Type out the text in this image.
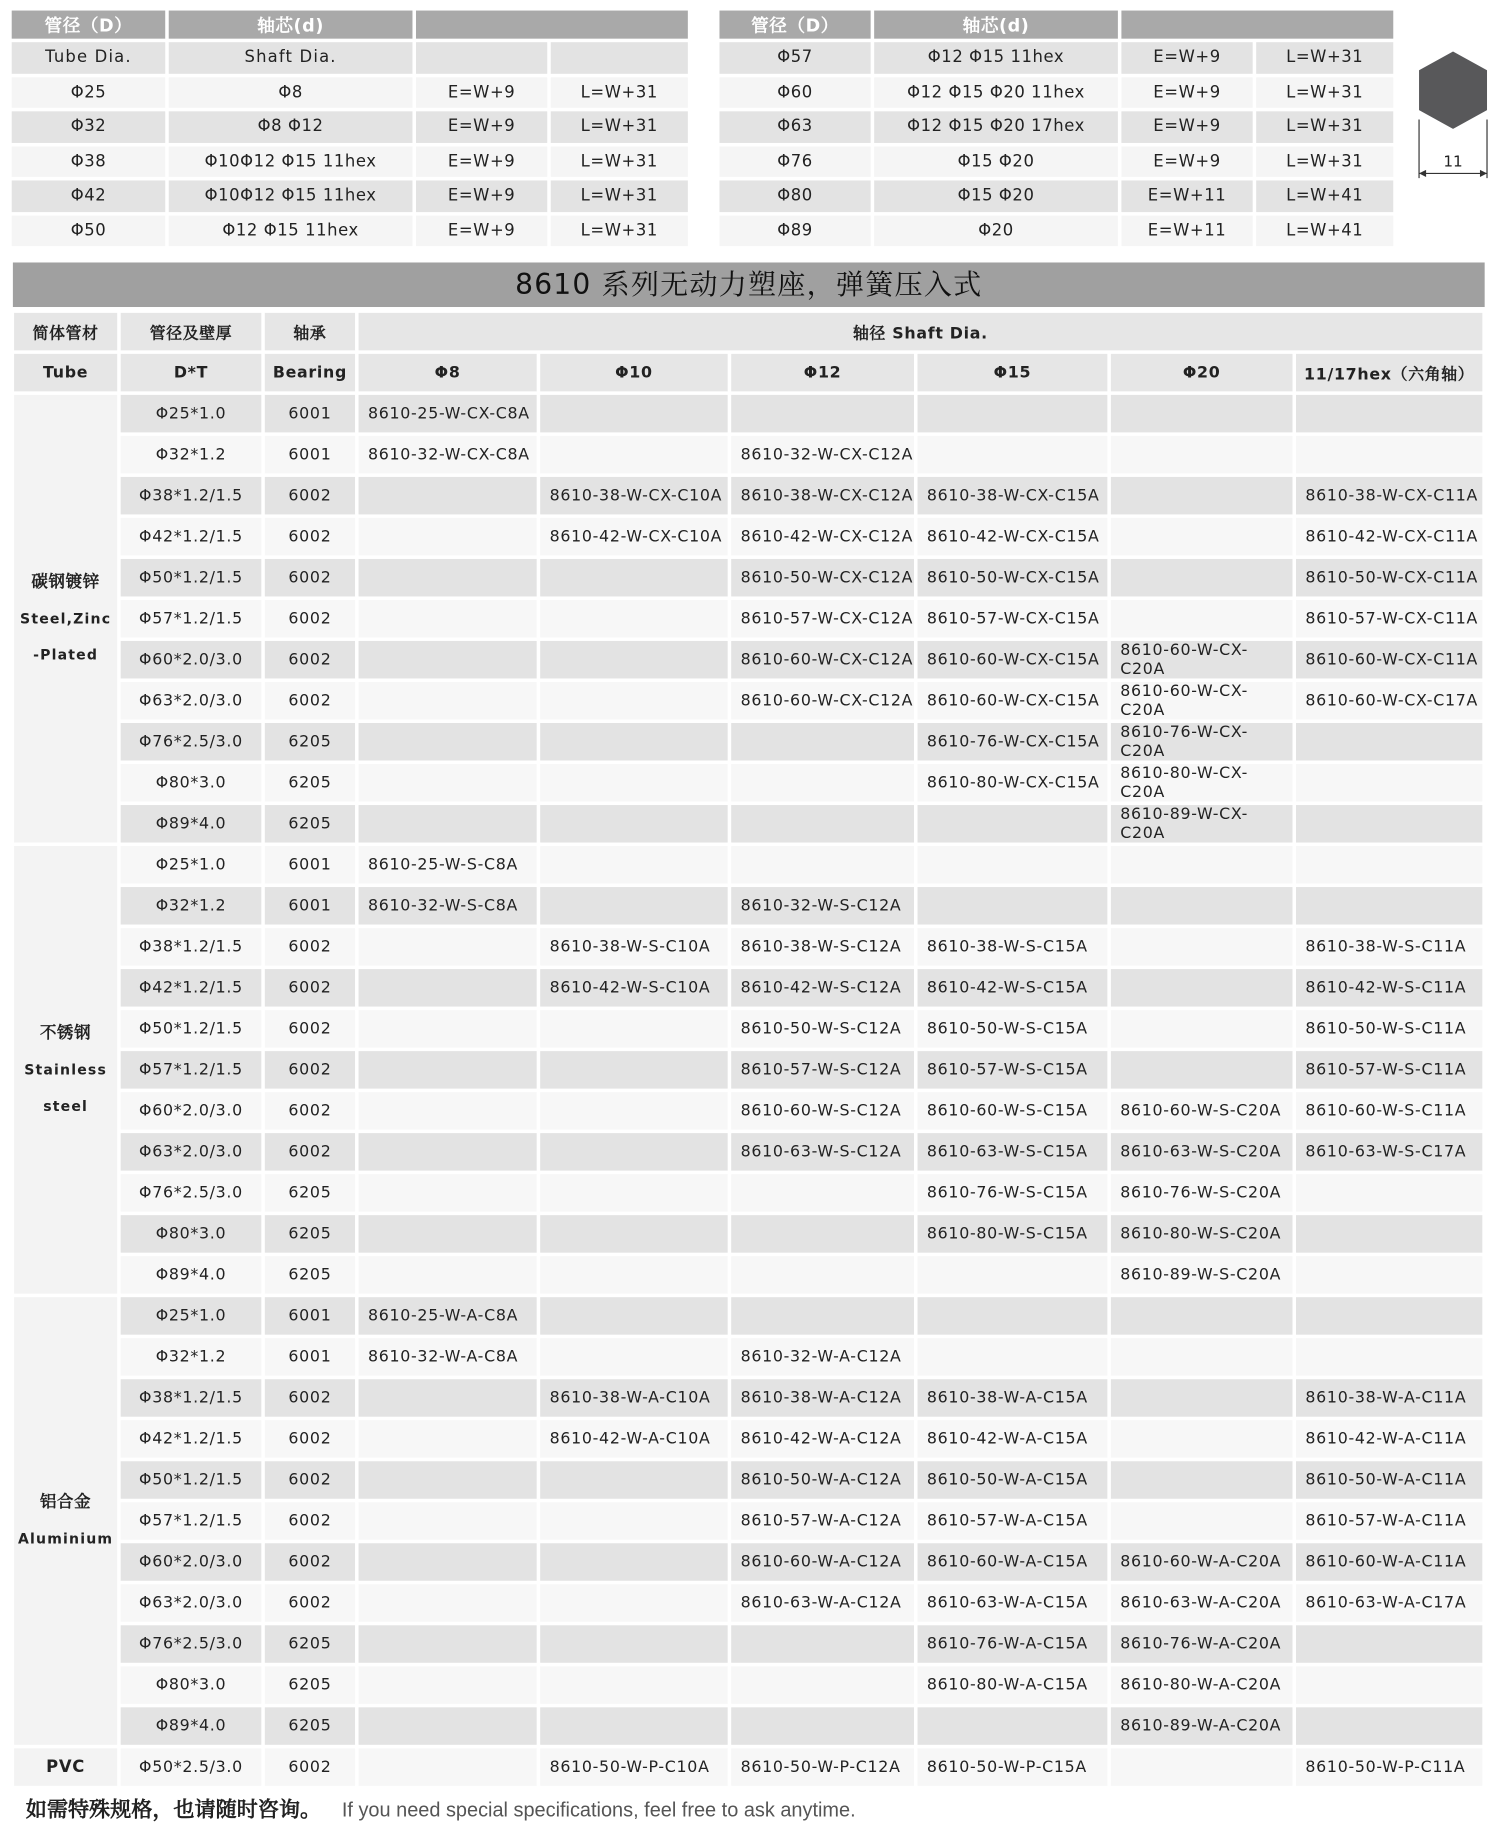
管径（D）	轴芯(d)		
Tube Dia.	Shaft Dia.		
Φ25	Φ8	E=W+9	L=W+31
Φ32	Φ8 Φ12	E=W+9	L=W+31
Φ38	Φ10Φ12 Φ15 11hex	E=W+9	L=W+31
Φ42	Φ10Φ12 Φ15 11hex	E=W+9	L=W+31
Φ50	Φ12 Φ15 11hex	E=W+9	L=W+31
管径（D）	轴芯(d)		
Φ57	Φ12 Φ15 11hex	E=W+9	L=W+31
Φ60	Φ12 Φ15 Φ20 11hex	E=W+9	L=W+31
Φ63	Φ12 Φ15 Φ20 17hex	E=W+9	L=W+31
Φ76	Φ15 Φ20	E=W+9	L=W+31
Φ80	Φ15 Φ20	E=W+11	L=W+41
Φ89	Φ20	E=W+11	L=W+41
11
8610 系列无动力塑座，弹簧压入式
简体管材	管径及壁厚	轴承	轴径 Shaft Dia.					
Tube	D*T	Bearing	Φ8	Φ10	Φ12	Φ15	Φ20	11/17hex（六角轴）

碳钢镀锌
Steel,Zinc
-Plated	Φ25*1.0	6001	8610-25-W-CX-C8A					
	Φ32*1.2	6001	8610-32-W-CX-C8A		8610-32-W-CX-C12A			
	Φ38*1.2/1.5	6002		8610-38-W-CX-C10A	8610-38-W-CX-C12A	8610-38-W-CX-C15A		8610-38-W-CX-C11A
	Φ42*1.2/1.5	6002		8610-42-W-CX-C10A	8610-42-W-CX-C12A	8610-42-W-CX-C15A		8610-42-W-CX-C11A
	Φ50*1.2/1.5	6002			8610-50-W-CX-C12A	8610-50-W-CX-C15A		8610-50-W-CX-C11A
	Φ57*1.2/1.5	6002			8610-57-W-CX-C12A	8610-57-W-CX-C15A		8610-57-W-CX-C11A
	Φ60*2.0/3.0	6002			8610-60-W-CX-C12A	8610-60-W-CX-C15A	8610-60-W-CX-C20A	8610-60-W-CX-C11A
	Φ63*2.0/3.0	6002			8610-60-W-CX-C12A	8610-60-W-CX-C15A	8610-60-W-CX-C20A	8610-60-W-CX-C17A
	Φ76*2.5/3.0	6205				8610-76-W-CX-C15A	8610-76-W-CX-C20A	
	Φ80*3.0	6205				8610-80-W-CX-C15A	8610-80-W-CX-C20A	
	Φ89*4.0	6205					8610-89-W-CX-C20A	

不锈钢
Stainless
steel	Φ25*1.0	6001	8610-25-W-S-C8A					
	Φ32*1.2	6001	8610-32-W-S-C8A		8610-32-W-S-C12A			
	Φ38*1.2/1.5	6002		8610-38-W-S-C10A	8610-38-W-S-C12A	8610-38-W-S-C15A		8610-38-W-S-C11A
	Φ42*1.2/1.5	6002		8610-42-W-S-C10A	8610-42-W-S-C12A	8610-42-W-S-C15A		8610-42-W-S-C11A
	Φ50*1.2/1.5	6002			8610-50-W-S-C12A	8610-50-W-S-C15A		8610-50-W-S-C11A
	Φ57*1.2/1.5	6002			8610-57-W-S-C12A	8610-57-W-S-C15A		8610-57-W-S-C11A
	Φ60*2.0/3.0	6002			8610-60-W-S-C12A	8610-60-W-S-C15A	8610-60-W-S-C20A	8610-60-W-S-C11A
	Φ63*2.0/3.0	6002			8610-63-W-S-C12A	8610-63-W-S-C15A	8610-63-W-S-C20A	8610-63-W-S-C17A
	Φ76*2.5/3.0	6205				8610-76-W-S-C15A	8610-76-W-S-C20A	
	Φ80*3.0	6205				8610-80-W-S-C15A	8610-80-W-S-C20A	
	Φ89*4.0	6205					8610-89-W-S-C20A	

铝合金
Aluminium	Φ25*1.0	6001	8610-25-W-A-C8A					
	Φ32*1.2	6001	8610-32-W-A-C8A		8610-32-W-A-C12A			
	Φ38*1.2/1.5	6002		8610-38-W-A-C10A	8610-38-W-A-C12A	8610-38-W-A-C15A		8610-38-W-A-C11A
	Φ42*1.2/1.5	6002		8610-42-W-A-C10A	8610-42-W-A-C12A	8610-42-W-A-C15A		8610-42-W-A-C11A
	Φ50*1.2/1.5	6002			8610-50-W-A-C12A	8610-50-W-A-C15A		8610-50-W-A-C11A
	Φ57*1.2/1.5	6002			8610-57-W-A-C12A	8610-57-W-A-C15A		8610-57-W-A-C11A
	Φ60*2.0/3.0	6002			8610-60-W-A-C12A	8610-60-W-A-C15A	8610-60-W-A-C20A	8610-60-W-A-C11A
	Φ63*2.0/3.0	6002			8610-63-W-A-C12A	8610-63-W-A-C15A	8610-63-W-A-C20A	8610-63-W-A-C17A
	Φ76*2.5/3.0	6205				8610-76-W-A-C15A	8610-76-W-A-C20A	
	Φ80*3.0	6205				8610-80-W-A-C15A	8610-80-W-A-C20A	
	Φ89*4.0	6205					8610-89-W-A-C20A	

PVC	Φ50*2.5/3.0	6002		8610-50-W-P-C10A	8610-50-W-P-C12A	8610-50-W-P-C15A		8610-50-W-P-C11A
如需特殊规格，也请随时咨询。 If you need special specifications, feel free to ask anytime.
